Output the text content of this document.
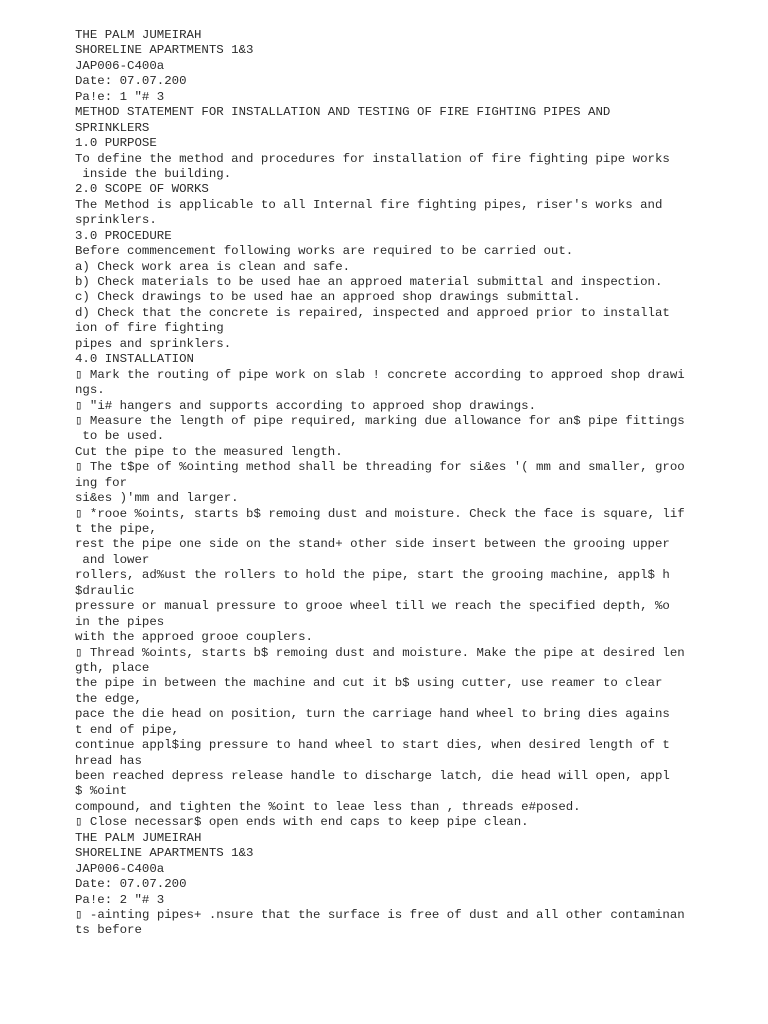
THE PALM JUMEIRAH
SHORELINE APARTMENTS 1&3
JAP006-C400a
Date: 07.07.200
Pa!e: 1 "# 3
METHOD STATEMENT FOR INSTALLATION AND TESTING OF FIRE FIGHTING PIPES AND
SPRINKLERS
1.0 PURPOSE
To define the method and procedures for installation of fire fighting pipe works
inside the building.
2.0 SCOPE OF WORKS
The Method is applicable to all Internal fire fighting pipes, riser's works and
sprinklers.
3.0 PROCEDURE
Before commencement following works are required to be carried out.
a) Check work area is clean and safe.
b) Check materials to be used hae an approed material submittal and inspection.
c) Check drawings to be used hae an approed shop drawings submittal.
d) Check that the concrete is repaired, inspected and approed prior to installat
ion of fire fighting
pipes and sprinklers.
4.0 INSTALLATION
▯ Mark the routing of pipe work on slab ! concrete according to approed shop drawi
ngs.
▯ "i# hangers and supports according to approed shop drawings.
▯ Measure the length of pipe required, marking due allowance for an$ pipe fittings
to be used.
Cut the pipe to the measured length.
▯ The t$pe of %ointing method shall be threading for si&es '( mm and smaller, groo
ing for
si&es )'mm and larger.
▯ *rooe %oints, starts b$ remoing dust and moisture. Check the face is square, lif
t the pipe,
rest the pipe one side on the stand+ other side insert between the grooing upper
and lower
rollers, ad%ust the rollers to hold the pipe, start the grooing machine, appl$ h
$draulic
pressure or manual pressure to grooe wheel till we reach the specified depth, %o
in the pipes
with the approed grooe couplers.
▯ Thread %oints, starts b$ remoing dust and moisture. Make the pipe at desired len
gth, place
the pipe in between the machine and cut it b$ using cutter, use reamer to clear
the edge,
pace the die head on position, turn the carriage hand wheel to bring dies agains
t end of pipe,
continue appl$ing pressure to hand wheel to start dies, when desired length of t
hread has
been reached depress release handle to discharge latch, die head will open, appl
$ %oint
compound, and tighten the %oint to leae less than , threads e#posed.
▯ Close necessar$ open ends with end caps to keep pipe clean.
THE PALM JUMEIRAH
SHORELINE APARTMENTS 1&3
JAP006-C400a
Date: 07.07.200
Pa!e: 2 "# 3
▯ -ainting pipes+ .nsure that the surface is free of dust and all other contaminan
ts before
